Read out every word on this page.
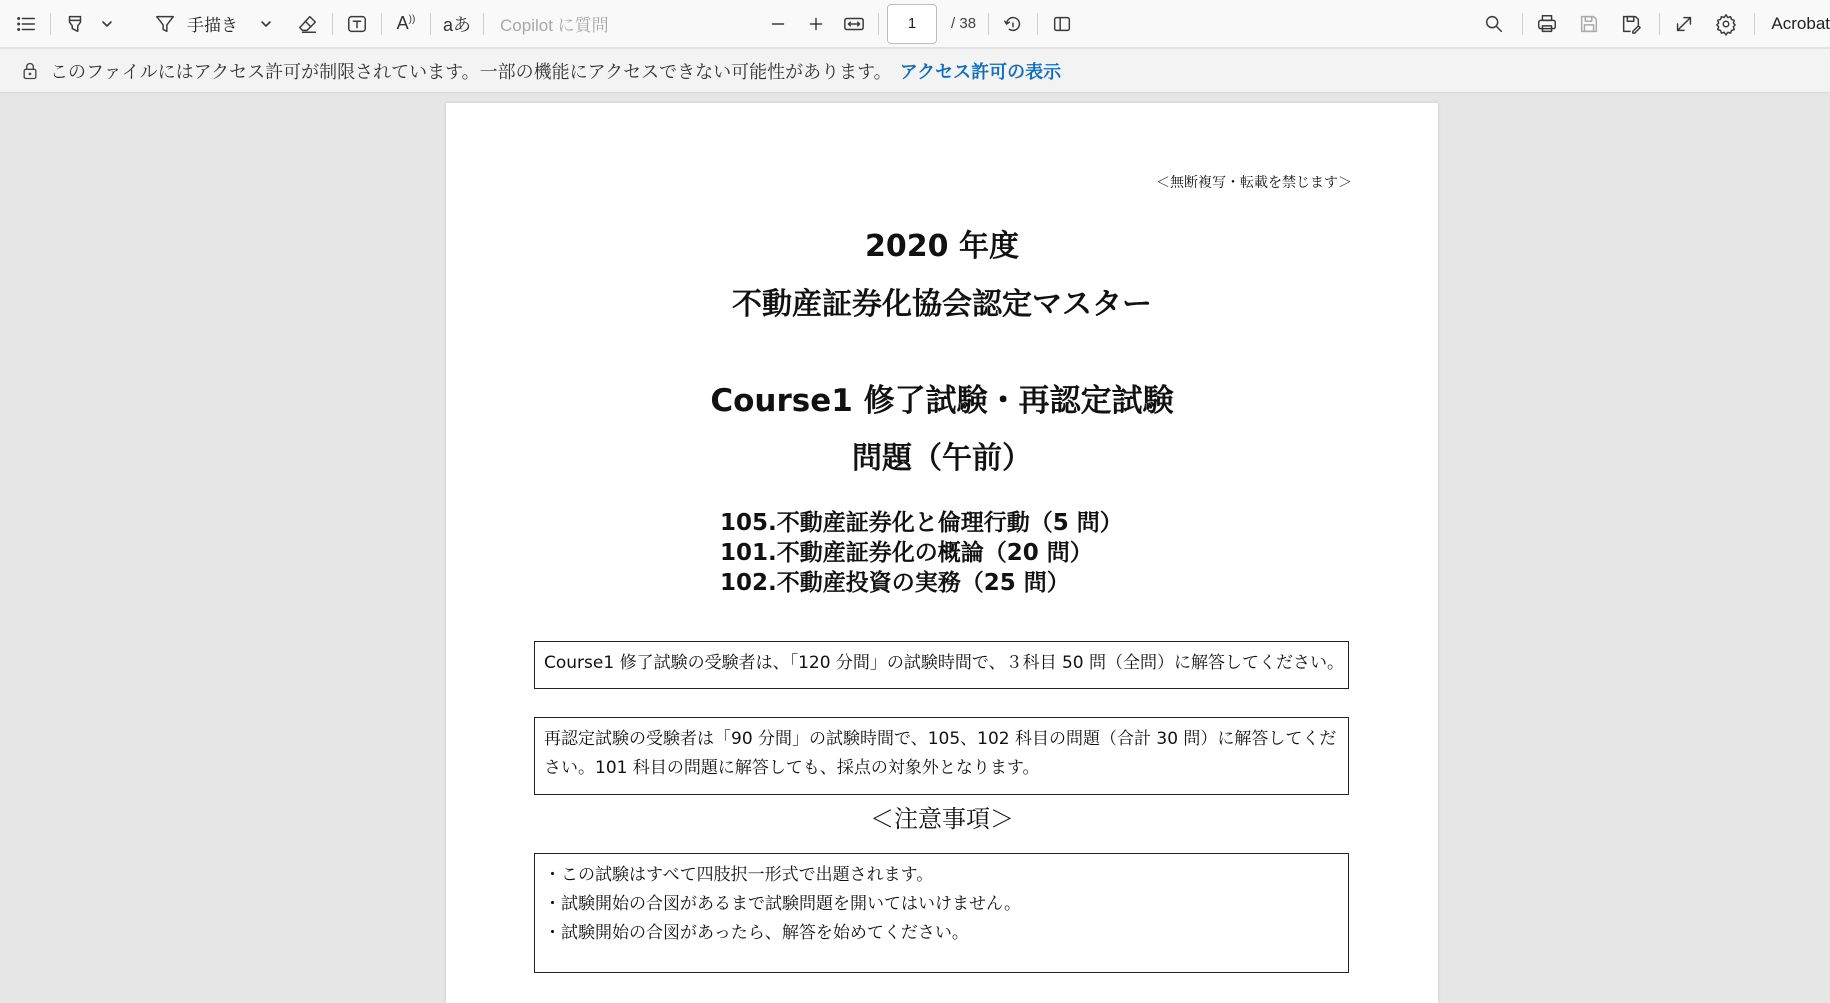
手描き	A)) aあ	Copilot に質問	1	/ 38	Acrobat
このファイルにはアクセス許可が制限されています。一部の機能にアクセスできない可能性があります。 アクセス許可の表示
＜無断複写・転載を禁じます＞
2020 年度
不動産証券化協会認定マスター
Course1 修了試験・再認定試験
問題（午前）
105.不動産証券化と倫理行動（5 問）
101.不動産証券化の概論（20 問）
102.不動産投資の実務（25 問）
Course1 修了試験の受験者は、「120 分間」の試験時間で、３科目 50 問（全問）に解答してください。
再認定試験の受験者は「90 分間」の試験時間で、105、102 科目の問題（合計 30 問）に解答してください。101 科目の問題に解答しても、採点の対象外となります。
＜注意事項＞
・この試験はすべて四肢択一形式で出題されます。
・試験開始の合図があるまで試験問題を開いてはいけません。
・試験開始の合図があったら、解答を始めてください。
